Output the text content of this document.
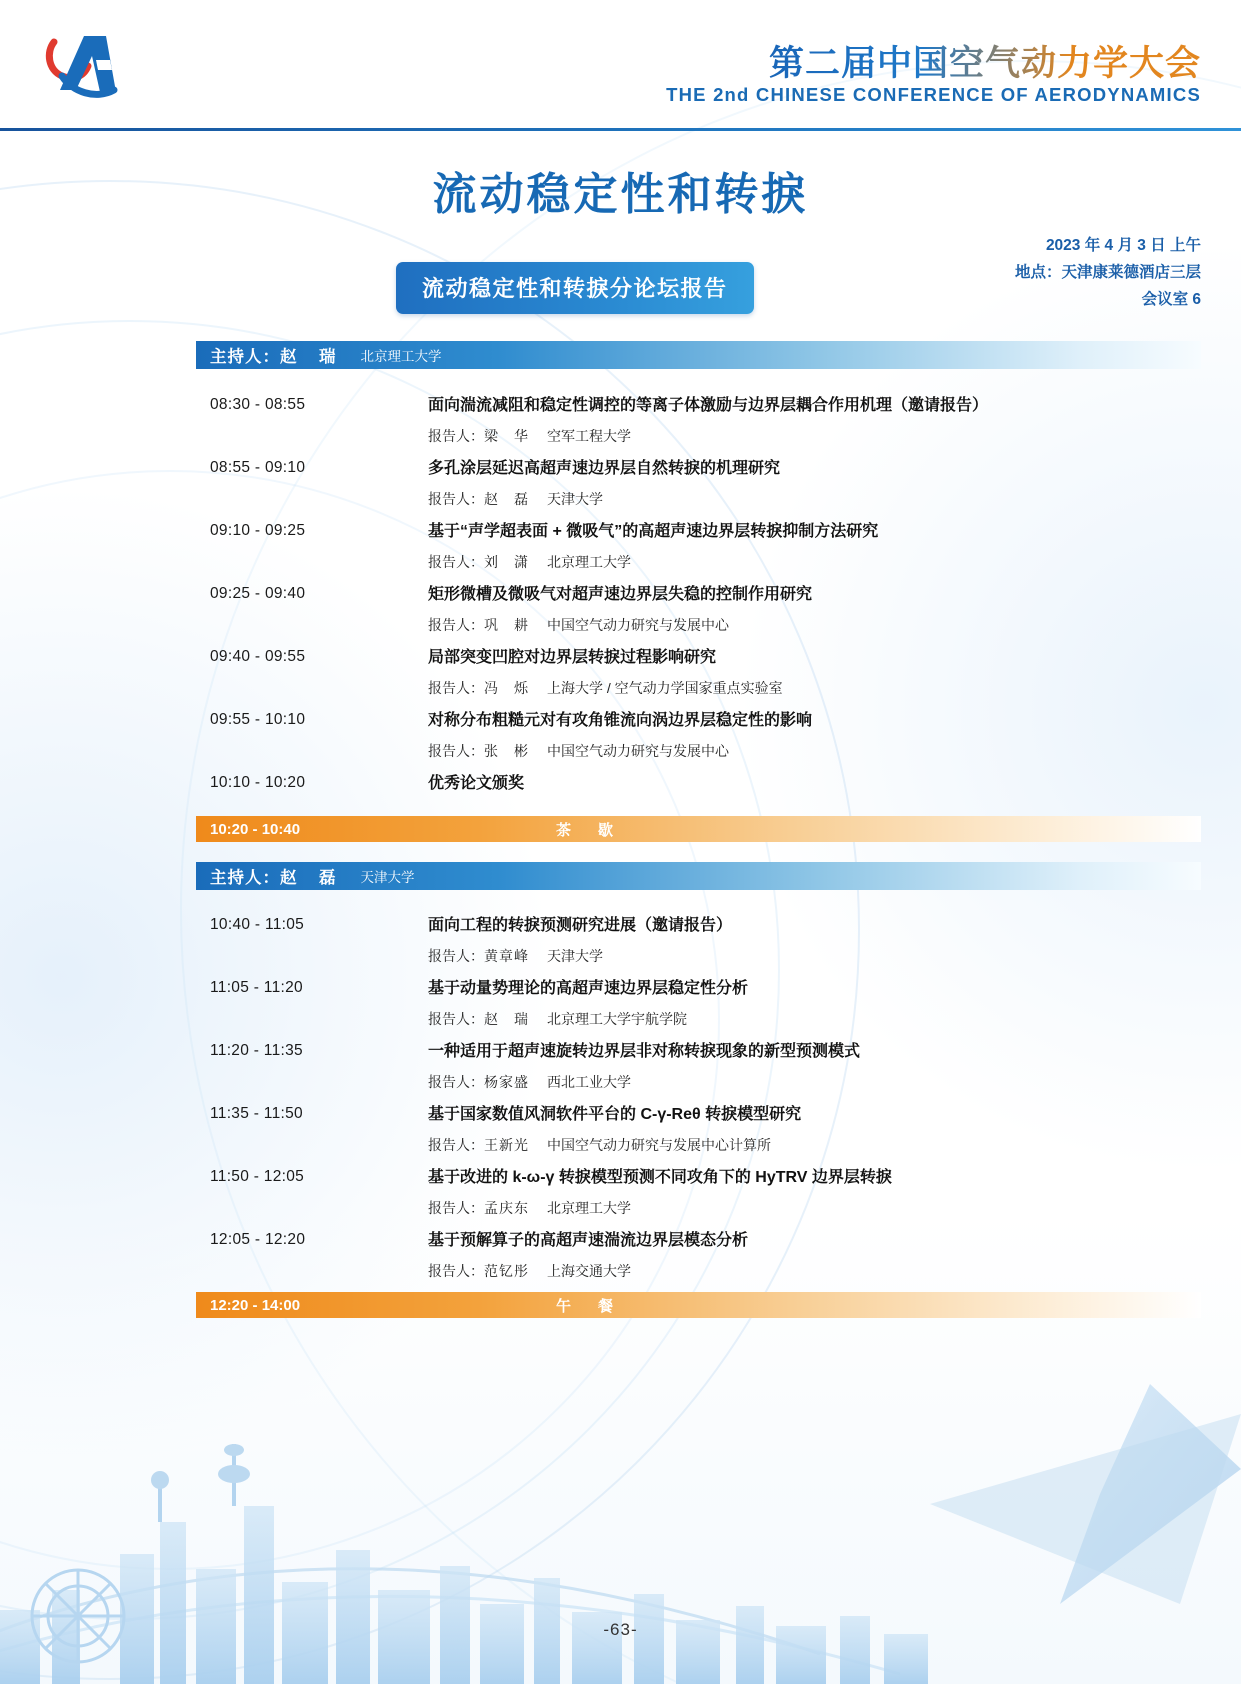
第二届中国空气动力学大会
THE 2nd CHINESE CONFERENCE OF AERODYNAMICS
流动稳定性和转捩
2023 年 4 月 3 日 上午
地点：天津康莱德酒店三层
会议室 6
流动稳定性和转捩分论坛报告
主持人： 赵　瑞 北京理工大学
08:30 - 08:55	面向湍流减阻和稳定性调控的等离子体激励与边界层耦合作用机理（邀请报告）
报告人：梁　华 空军工程大学
08:55 - 09:10	多孔涂层延迟高超声速边界层自然转捩的机理研究
报告人：赵　磊 天津大学
09:10 - 09:25	基于“声学超表面 + 微吸气”的高超声速边界层转捩抑制方法研究
报告人：刘　潇 北京理工大学
09:25 - 09:40	矩形微槽及微吸气对超声速边界层失稳的控制作用研究
报告人：巩　耕 中国空气动力研究与发展中心
09:40 - 09:55	局部突变凹腔对边界层转捩过程影响研究
报告人：冯　烁 上海大学 / 空气动力学国家重点实验室
09:55 - 10:10	对称分布粗糙元对有攻角锥流向涡边界层稳定性的影响
报告人：张　彬 中国空气动力研究与发展中心
10:10 - 10:20	优秀论文颁奖
10:20 - 10:40	茶　歇
主持人： 赵　磊 天津大学
10:40 - 11:05	面向工程的转捩预测研究进展（邀请报告）
报告人：黄章峰 天津大学
11:05 - 11:20	基于动量势理论的高超声速边界层稳定性分析
报告人：赵　瑞 北京理工大学宇航学院
11:20 - 11:35	一种适用于超声速旋转边界层非对称转捩现象的新型预测模式
报告人：杨家盛 西北工业大学
11:35 - 11:50	基于国家数值风洞软件平台的 C-γ-Reθ 转捩模型研究
报告人：王新光 中国空气动力研究与发展中心计算所
11:50 - 12:05	基于改进的 k-ω-γ 转捩模型预测不同攻角下的 HyTRV 边界层转捩
报告人：孟庆东 北京理工大学
12:05 - 12:20	基于预解算子的高超声速湍流边界层模态分析
报告人：范钇彤 上海交通大学
12:20 - 14:00	午　餐
-63-
